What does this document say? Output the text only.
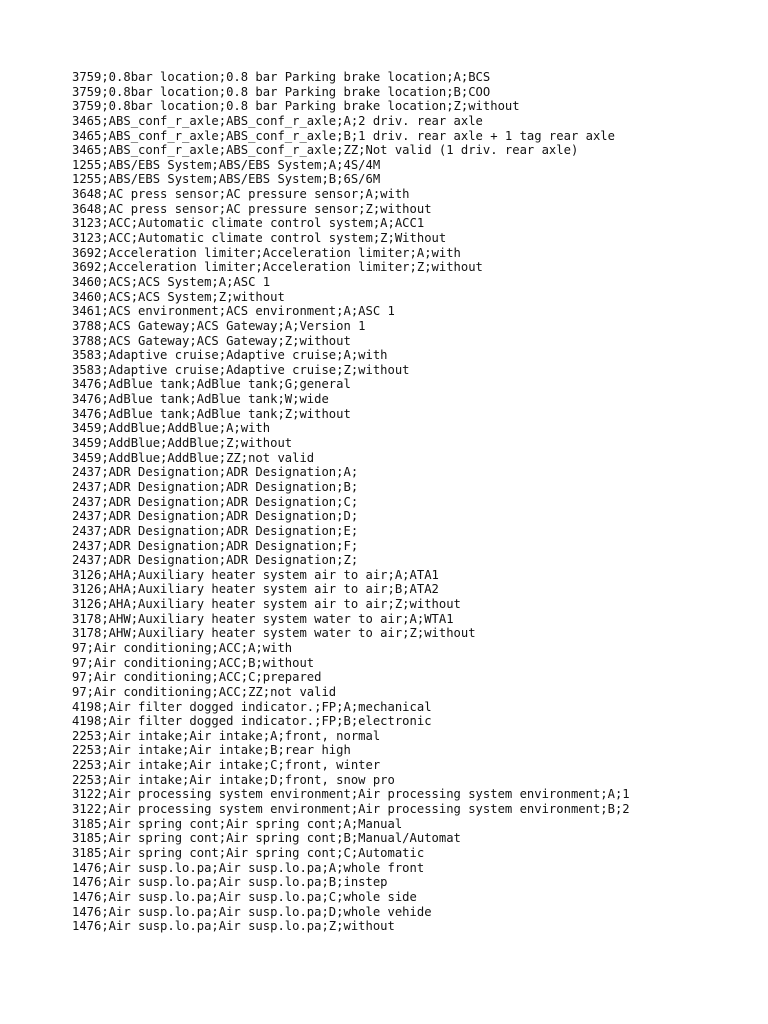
3759;0.8bar location;0.8 bar Parking brake location;A;BCS
3759;0.8bar location;0.8 bar Parking brake location;B;COO
3759;0.8bar location;0.8 bar Parking brake location;Z;without
3465;ABS_conf_r_axle;ABS_conf_r_axle;A;2 driv. rear axle
3465;ABS_conf_r_axle;ABS_conf_r_axle;B;1 driv. rear axle + 1 tag rear axle
3465;ABS_conf_r_axle;ABS_conf_r_axle;ZZ;Not valid (1 driv. rear axle)
1255;ABS/EBS System;ABS/EBS System;A;4S/4M
1255;ABS/EBS System;ABS/EBS System;B;6S/6M
3648;AC press sensor;AC pressure sensor;A;with
3648;AC press sensor;AC pressure sensor;Z;without
3123;ACC;Automatic climate control system;A;ACC1
3123;ACC;Automatic climate control system;Z;Without
3692;Acceleration limiter;Acceleration limiter;A;with
3692;Acceleration limiter;Acceleration limiter;Z;without
3460;ACS;ACS System;A;ASC 1
3460;ACS;ACS System;Z;without
3461;ACS environment;ACS environment;A;ASC 1
3788;ACS Gateway;ACS Gateway;A;Version 1
3788;ACS Gateway;ACS Gateway;Z;without
3583;Adaptive cruise;Adaptive cruise;A;with
3583;Adaptive cruise;Adaptive cruise;Z;without
3476;AdBlue tank;AdBlue tank;G;general
3476;AdBlue tank;AdBlue tank;W;wide
3476;AdBlue tank;AdBlue tank;Z;without
3459;AddBlue;AddBlue;A;with
3459;AddBlue;AddBlue;Z;without
3459;AddBlue;AddBlue;ZZ;not valid
2437;ADR Designation;ADR Designation;A;
2437;ADR Designation;ADR Designation;B;
2437;ADR Designation;ADR Designation;C;
2437;ADR Designation;ADR Designation;D;
2437;ADR Designation;ADR Designation;E;
2437;ADR Designation;ADR Designation;F;
2437;ADR Designation;ADR Designation;Z;
3126;AHA;Auxiliary heater system air to air;A;ATA1
3126;AHA;Auxiliary heater system air to air;B;ATA2
3126;AHA;Auxiliary heater system air to air;Z;without
3178;AHW;Auxiliary heater system water to air;A;WTA1
3178;AHW;Auxiliary heater system water to air;Z;without
97;Air conditioning;ACC;A;with
97;Air conditioning;ACC;B;without
97;Air conditioning;ACC;C;prepared
97;Air conditioning;ACC;ZZ;not valid
4198;Air filter dogged indicator.;FP;A;mechanical
4198;Air filter dogged indicator.;FP;B;electronic
2253;Air intake;Air intake;A;front, normal
2253;Air intake;Air intake;B;rear high
2253;Air intake;Air intake;C;front, winter
2253;Air intake;Air intake;D;front, snow pro
3122;Air processing system environment;Air processing system environment;A;1
3122;Air processing system environment;Air processing system environment;B;2
3185;Air spring cont;Air spring cont;A;Manual
3185;Air spring cont;Air spring cont;B;Manual/Automat
3185;Air spring cont;Air spring cont;C;Automatic
1476;Air susp.lo.pa;Air susp.lo.pa;A;whole front
1476;Air susp.lo.pa;Air susp.lo.pa;B;instep
1476;Air susp.lo.pa;Air susp.lo.pa;C;whole side
1476;Air susp.lo.pa;Air susp.lo.pa;D;whole vehide
1476;Air susp.lo.pa;Air susp.lo.pa;Z;without
